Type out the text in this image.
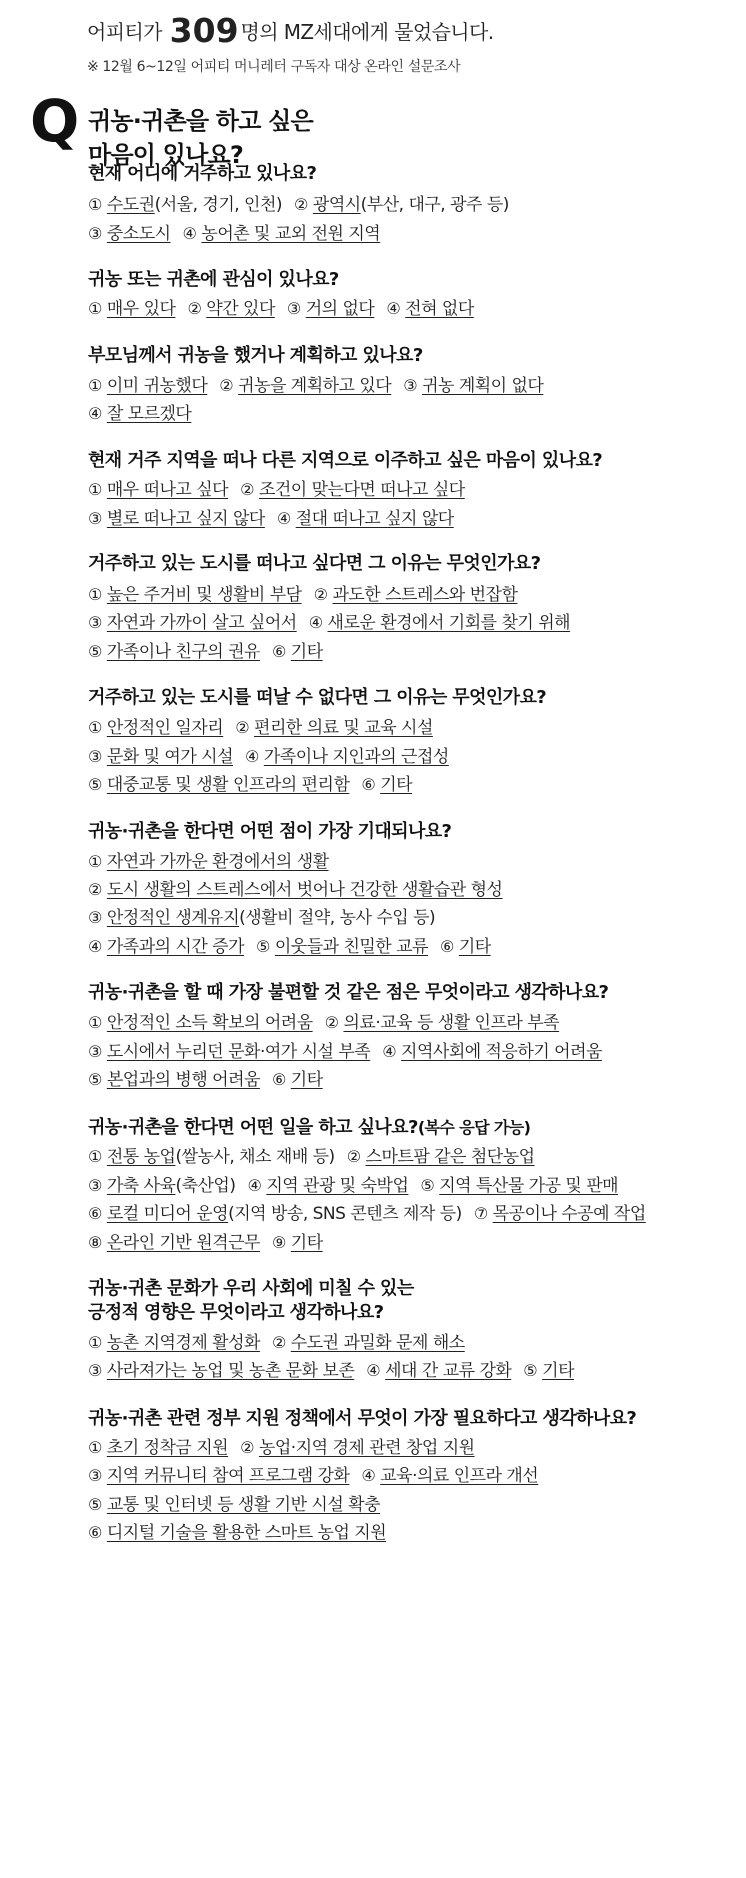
어피티가 309 명의 MZ세대에게 물었습니다.
※ 12월 6~12일 어피티 머니레터 구독자 대상 온라인 설문조사
Q 귀농·귀촌을 하고 싶은
마음이 있나요?
현재 어디에 거주하고 있나요?
① 수도권(서울, 경기, 인천) ② 광역시(부산, 대구, 광주 등)
③ 중소도시 ④ 농어촌 및 교외 전원 지역
귀농 또는 귀촌에 관심이 있나요?
① 매우 있다 ② 약간 있다 ③ 거의 없다 ④ 전혀 없다
부모님께서 귀농을 했거나 계획하고 있나요?
① 이미 귀농했다 ② 귀농을 계획하고 있다 ③ 귀농 계획이 없다
④ 잘 모르겠다
현재 거주 지역을 떠나 다른 지역으로 이주하고 싶은 마음이 있나요?
① 매우 떠나고 싶다 ② 조건이 맞는다면 떠나고 싶다
③ 별로 떠나고 싶지 않다 ④ 절대 떠나고 싶지 않다
거주하고 있는 도시를 떠나고 싶다면 그 이유는 무엇인가요?
① 높은 주거비 및 생활비 부담 ② 과도한 스트레스와 번잡함
③ 자연과 가까이 살고 싶어서 ④ 새로운 환경에서 기회를 찾기 위해
⑤ 가족이나 친구의 권유 ⑥ 기타
거주하고 있는 도시를 떠날 수 없다면 그 이유는 무엇인가요?
① 안정적인 일자리 ② 편리한 의료 및 교육 시설
③ 문화 및 여가 시설 ④ 가족이나 지인과의 근접성
⑤ 대중교통 및 생활 인프라의 편리함 ⑥ 기타
귀농·귀촌을 한다면 어떤 점이 가장 기대되나요?
① 자연과 가까운 환경에서의 생활
② 도시 생활의 스트레스에서 벗어나 건강한 생활습관 형성
③ 안정적인 생계유지(생활비 절약, 농사 수입 등)
④ 가족과의 시간 증가 ⑤ 이웃들과 친밀한 교류 ⑥ 기타
귀농·귀촌을 할 때 가장 불편할 것 같은 점은 무엇이라고 생각하나요?
① 안정적인 소득 확보의 어려움 ② 의료·교육 등 생활 인프라 부족
③ 도시에서 누리던 문화·여가 시설 부족 ④ 지역사회에 적응하기 어려움
⑤ 본업과의 병행 어려움 ⑥ 기타
귀농·귀촌을 한다면 어떤 일을 하고 싶나요?(복수 응답 가능)
① 전통 농업(쌀농사, 채소 재배 등) ② 스마트팜 같은 첨단농업
③ 가축 사육(축산업) ④ 지역 관광 및 숙박업 ⑤ 지역 특산물 가공 및 판매
⑥ 로컬 미디어 운영(지역 방송, SNS 콘텐츠 제작 등) ⑦ 목공이나 수공예 작업
⑧ 온라인 기반 원격근무 ⑨ 기타
귀농·귀촌 문화가 우리 사회에 미칠 수 있는
긍정적 영향은 무엇이라고 생각하나요?
① 농촌 지역경제 활성화 ② 수도권 과밀화 문제 해소
③ 사라져가는 농업 및 농촌 문화 보존 ④ 세대 간 교류 강화 ⑤ 기타
귀농·귀촌 관련 정부 지원 정책에서 무엇이 가장 필요하다고 생각하나요?
① 초기 정착금 지원 ② 농업·지역 경제 관련 창업 지원
③ 지역 커뮤니티 참여 프로그램 강화 ④ 교육·의료 인프라 개선
⑤ 교통 및 인터넷 등 생활 기반 시설 확충
⑥ 디지털 기술을 활용한 스마트 농업 지원
